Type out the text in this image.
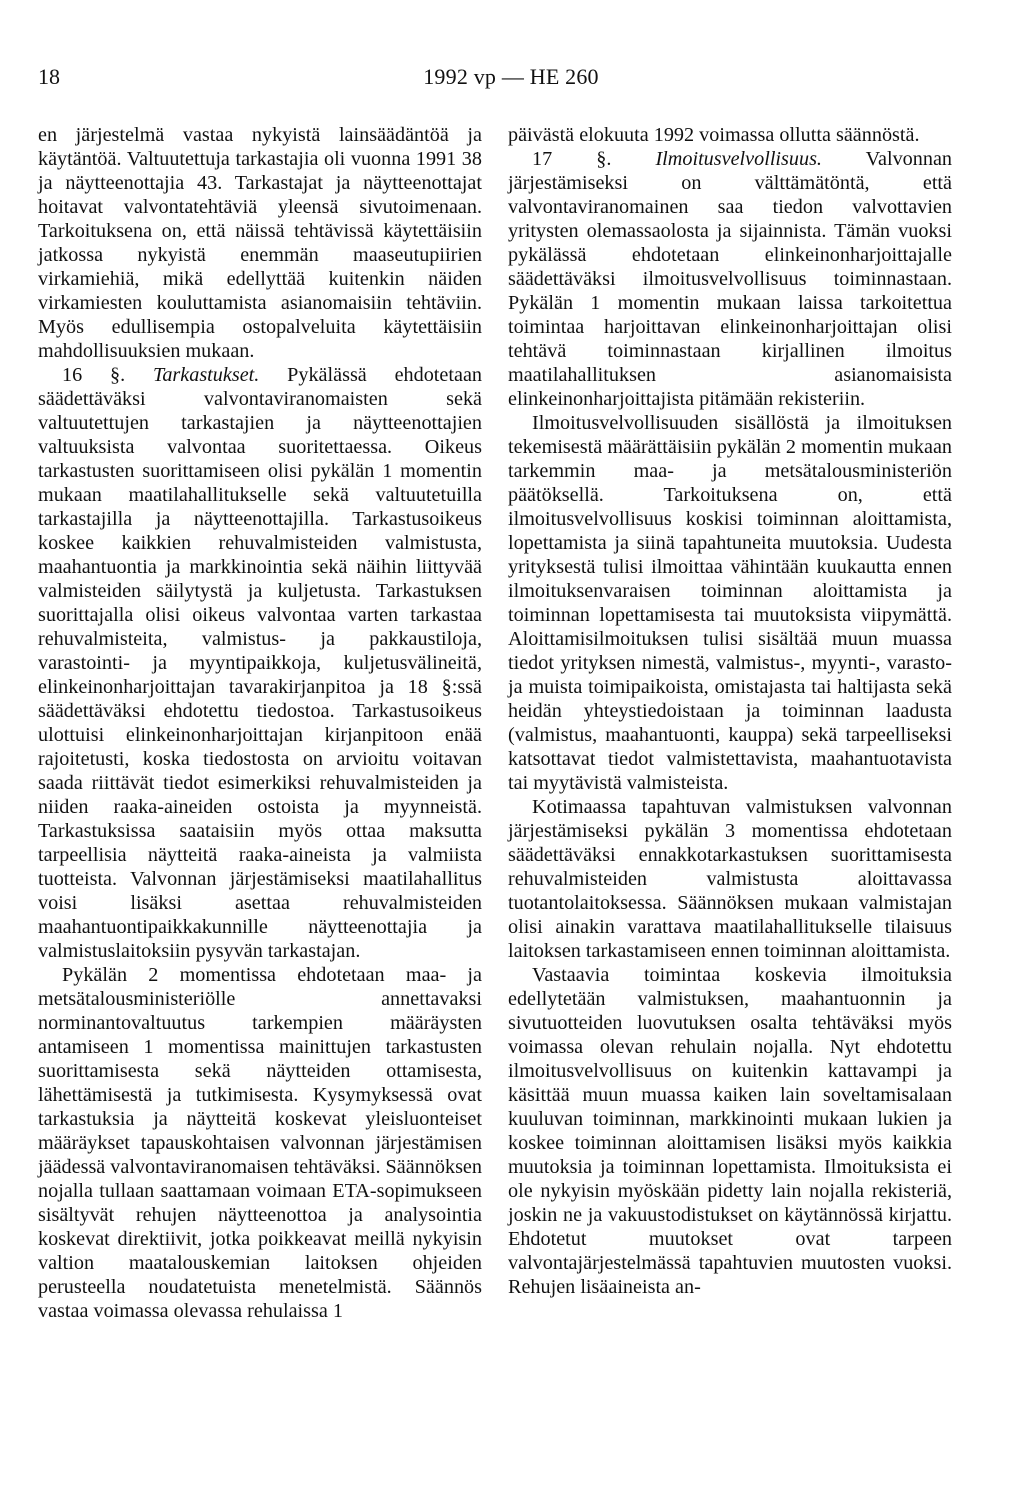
18	1992 vp — HE 260

en järjestelmä vastaa nykyistä lainsäädäntöä ja käytäntöä. Valtuutettuja tarkastajia oli vuonna 1991 38 ja näytteenottajia 43. Tarkastajat ja näytteenottajat hoitavat valvontatehtäviä yleensä sivutoimenaan. Tarkoituksena on, että näissä tehtävissä käytettäisiin jatkossa nykyistä enemmän maaseutupiirien virkamiehiä, mikä edellyttää kuitenkin näiden virkamiesten kouluttamista asianomaisiin tehtäviin. Myös edullisempia ostopalveluita käytettäisiin mahdollisuuksien mukaan.

16 §. Tarkastukset. Pykälässä ehdotetaan säädettäväksi valvontaviranomaisten sekä valtuutettujen tarkastajien ja näytteenottajien valtuuksista valvontaa suoritettaessa. Oikeus tarkastusten suorittamiseen olisi pykälän 1 momentin mukaan maatilahallitukselle sekä valtuutetuilla tarkastajilla ja näytteenottajilla. Tarkastusoikeus koskee kaikkien rehuvalmisteiden valmistusta, maahantuontia ja markkinointia sekä näihin liittyvää valmisteiden säilytystä ja kuljetusta. Tarkastuksen suorittajalla olisi oikeus valvontaa varten tarkastaa rehuvalmisteita, valmistus- ja pakkaustiloja, varastointi- ja myyntipaikkoja, kuljetusvälineitä, elinkeinonharjoittajan tavarakirjanpitoa ja 18 §:ssä säädettäväksi ehdotettu tiedostoa. Tarkastusoikeus ulottuisi elinkeinonharjoittajan kirjanpitoon enää rajoitetusti, koska tiedostosta on arvioitu voitavan saada riittävät tiedot esimerkiksi rehuvalmisteiden ja niiden raaka-aineiden ostoista ja myynneistä. Tarkastuksissa saataisiin myös ottaa maksutta tarpeellisia näytteitä raaka-aineista ja valmiista tuotteista. Valvonnan järjestämiseksi maatilahallitus voisi lisäksi asettaa rehuvalmisteiden maahantuontipaikkakunnille näytteenottajia ja valmistuslaitoksiin pysyvän tarkastajan.

Pykälän 2 momentissa ehdotetaan maa- ja metsätalousministeriölle annettavaksi norminantovaltuutus tarkempien määräysten antamiseen 1 momentissa mainittujen tarkastusten suorittamisesta sekä näytteiden ottamisesta, lähettämisestä ja tutkimisesta. Kysymyksessä ovat tarkastuksia ja näytteitä koskevat yleisluonteiset määräykset tapauskohtaisen valvonnan järjestämisen jäädessä valvontaviranomaisen tehtäväksi. Säännöksen nojalla tullaan saattamaan voimaan ETA-sopimukseen sisältyvät rehujen näytteenottoa ja analysointia koskevat direktiivit, jotka poikkeavat meillä nykyisin valtion maatalouskemian laitoksen ohjeiden perusteella noudatetuista menetelmistä. Säännös vastaa voimassa olevassa rehulaissa 1

päivästä elokuuta 1992 voimassa ollutta säännöstä.

17 §. Ilmoitusvelvollisuus. Valvonnan järjestämiseksi on välttämätöntä, että valvontaviranomainen saa tiedon valvottavien yritysten olemassaolosta ja sijainnista. Tämän vuoksi pykälässä ehdotetaan elinkeinonharjoittajalle säädettäväksi ilmoitusvelvollisuus toiminnastaan. Pykälän 1 momentin mukaan laissa tarkoitettua toimintaa harjoittavan elinkeinonharjoittajan olisi tehtävä toiminnastaan kirjallinen ilmoitus maatilahallituksen asianomaisista elinkeinonharjoittajista pitämään rekisteriin.

Ilmoitusvelvollisuuden sisällöstä ja ilmoituksen tekemisestä määrättäisiin pykälän 2 momentin mukaan tarkemmin maa- ja metsätalousministeriön päätöksellä. Tarkoituksena on, että ilmoitusvelvollisuus koskisi toiminnan aloittamista, lopettamista ja siinä tapahtuneita muutoksia. Uudesta yrityksestä tulisi ilmoittaa vähintään kuukautta ennen ilmoituksenvaraisen toiminnan aloittamista ja toiminnan lopettamisesta tai muutoksista viipymättä. Aloittamisilmoituksen tulisi sisältää muun muassa tiedot yrityksen nimestä, valmistus-, myynti-, varasto- ja muista toimipaikoista, omistajasta tai haltijasta sekä heidän yhteystiedoistaan ja toiminnan laadusta (valmistus, maahantuonti, kauppa) sekä tarpeelliseksi katsottavat tiedot valmistettavista, maahantuotavista tai myytävistä valmisteista.

Kotimaassa tapahtuvan valmistuksen valvonnan järjestämiseksi pykälän 3 momentissa ehdotetaan säädettäväksi ennakkotarkastuksen suorittamisesta rehuvalmisteiden valmistusta aloittavassa tuotantolaitoksessa. Säännöksen mukaan valmistajan olisi ainakin varattava maatilahallitukselle tilaisuus laitoksen tarkastamiseen ennen toiminnan aloittamista.

Vastaavia toimintaa koskevia ilmoituksia edellytetään valmistuksen, maahantuonnin ja sivutuotteiden luovutuksen osalta tehtäväksi myös voimassa olevan rehulain nojalla. Nyt ehdotettu ilmoitusvelvollisuus on kuitenkin kattavampi ja käsittää muun muassa kaiken lain soveltamisalaan kuuluvan toiminnan, markkinointi mukaan lukien ja koskee toiminnan aloittamisen lisäksi myös kaikkia muutoksia ja toiminnan lopettamista. Ilmoituksista ei ole nykyisin myöskään pidetty lain nojalla rekisteriä, joskin ne ja vakuustodistukset on käytännössä kirjattu. Ehdotetut muutokset ovat tarpeen valvontajärjestelmässä tapahtuvien muutosten vuoksi. Rehujen lisäaineista an-
